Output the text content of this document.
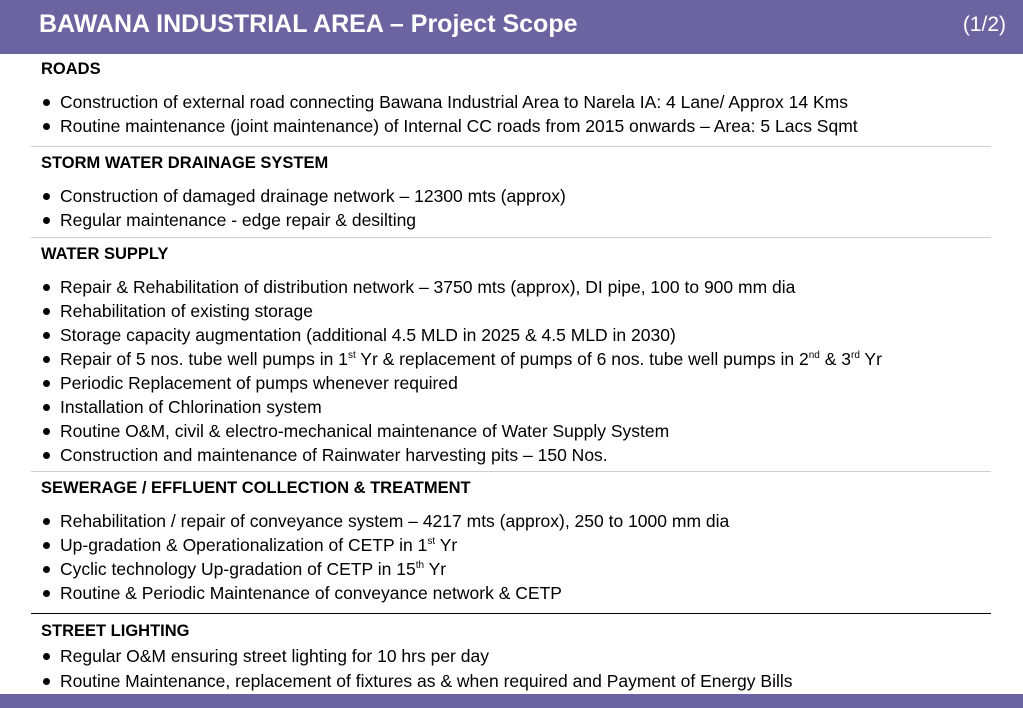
BAWANA INDUSTRIAL AREA – Project Scope	(1/2)

ROADS

Construction of external road connecting Bawana Industrial Area to Narela IA: 4 Lane/ Approx 14 Kms
Routine maintenance (joint maintenance) of Internal CC roads from 2015 onwards – Area: 5 Lacs Sqmt

STORM WATER DRAINAGE SYSTEM

Construction of damaged drainage network – 12300 mts (approx)
Regular maintenance - edge repair & desilting

WATER SUPPLY

Repair & Rehabilitation of distribution network – 3750 mts (approx), DI pipe, 100 to 900 mm dia
Rehabilitation of existing storage
Storage capacity augmentation (additional 4.5 MLD in 2025 & 4.5 MLD in 2030)
Repair of 5 nos. tube well pumps in 1st Yr & replacement of pumps of 6 nos. tube well pumps in 2nd & 3rd Yr
Periodic Replacement of pumps whenever required
Installation of Chlorination system
Routine O&M, civil & electro-mechanical maintenance of Water Supply System
Construction and maintenance of Rainwater harvesting pits – 150 Nos.

SEWERAGE / EFFLUENT COLLECTION & TREATMENT

Rehabilitation / repair of conveyance system – 4217 mts (approx), 250 to 1000 mm dia
Up-gradation & Operationalization of CETP in 1st Yr
Cyclic technology Up-gradation of CETP in 15th Yr
Routine & Periodic Maintenance of conveyance network & CETP

STREET LIGHTING

Regular O&M ensuring street lighting for 10 hrs per day
Routine Maintenance, replacement of fixtures as & when required and Payment of Energy Bills
